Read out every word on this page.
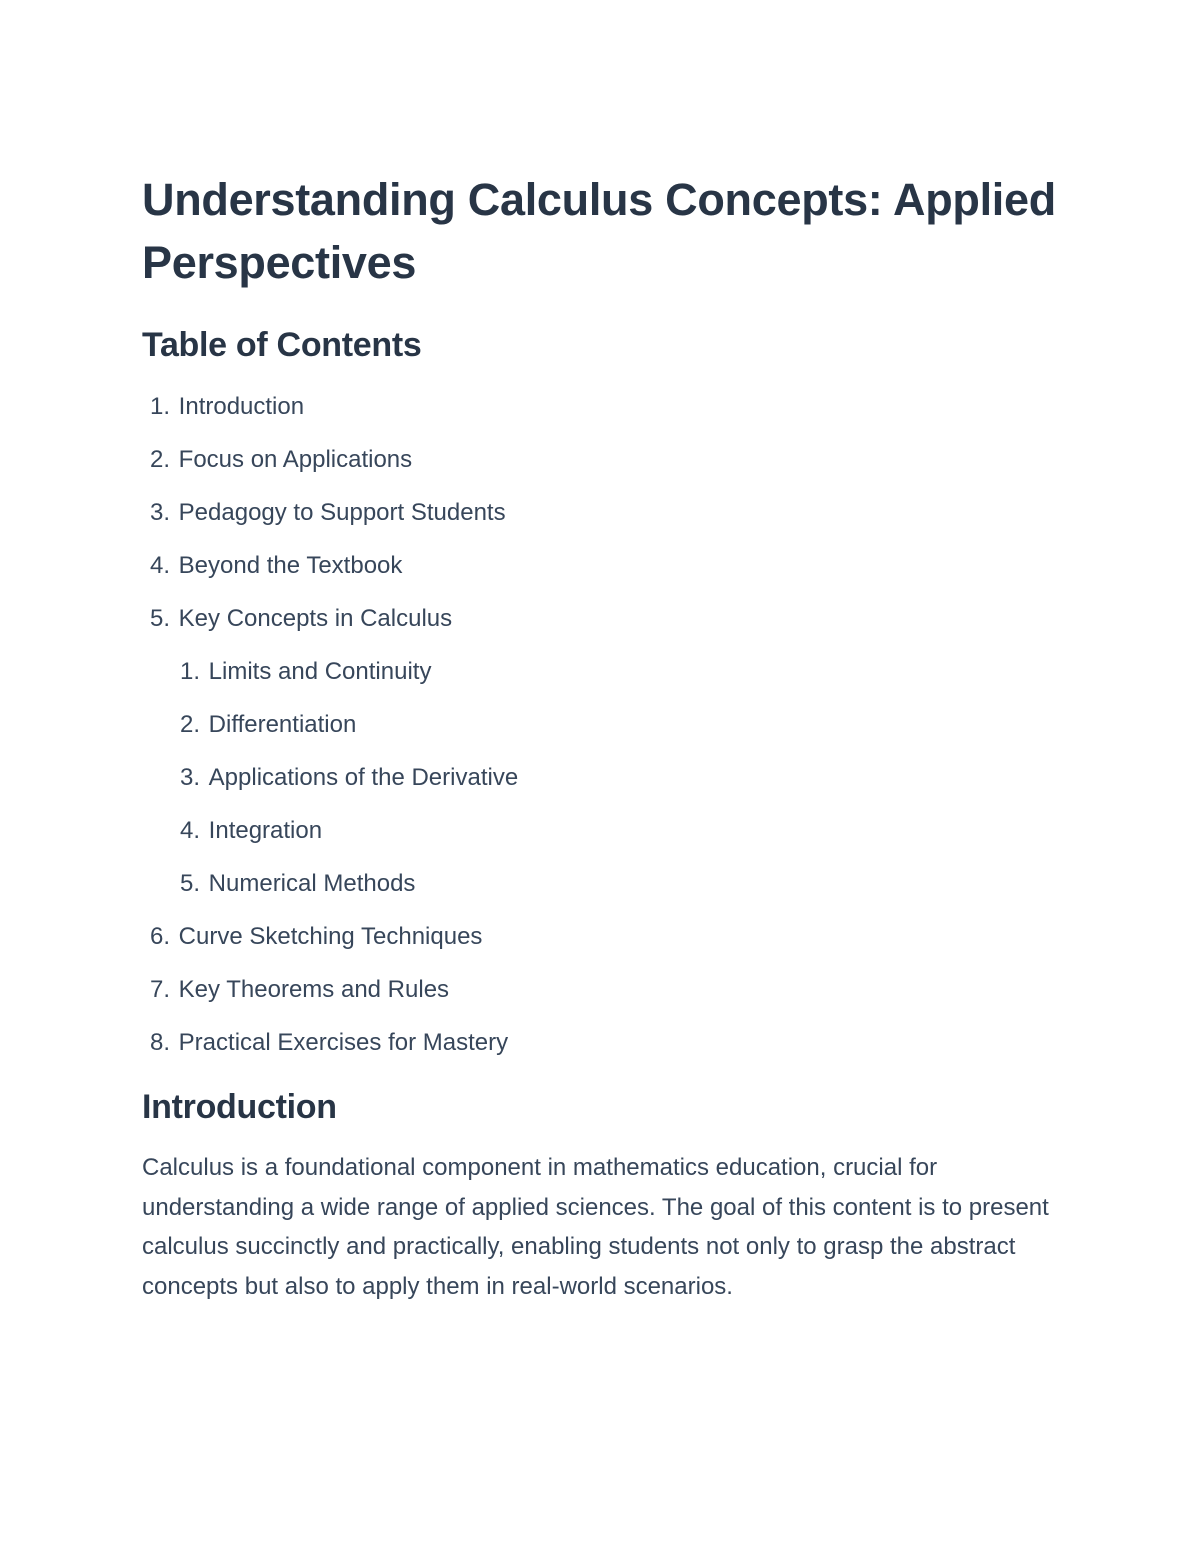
Understanding Calculus Concepts: Applied Perspectives
Table of Contents
1. Introduction
2. Focus on Applications
3. Pedagogy to Support Students
4. Beyond the Textbook
5. Key Concepts in Calculus
1. Limits and Continuity
2. Differentiation
3. Applications of the Derivative
4. Integration
5. Numerical Methods
6. Curve Sketching Techniques
7. Key Theorems and Rules
8. Practical Exercises for Mastery
Introduction

Calculus is a foundational component in mathematics education, crucial for understanding a wide range of applied sciences. The goal of this content is to present calculus succinctly and practically, enabling students not only to grasp the abstract concepts but also to apply them in real-world scenarios.
